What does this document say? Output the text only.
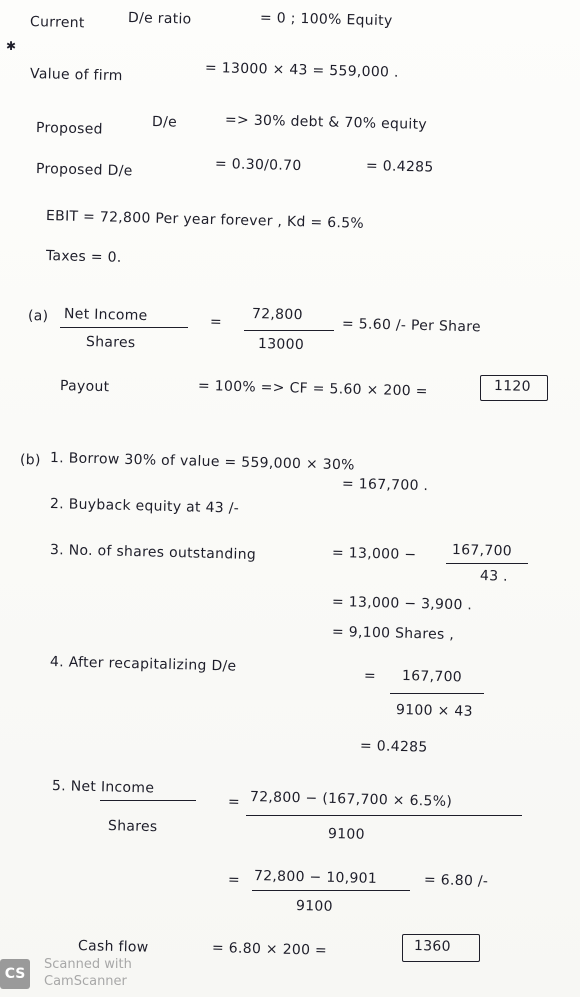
✱
Current	D/e ratio	= 0 ; 100% Equity
Value of firm	= 13000 × 43 = 559,000 .
Proposed	D/e	=> 30% debt & 70% equity
Proposed D/e	= 0.30/0.70	= 0.4285
EBIT = 72,800 Per year forever , Kd = 6.5%
Taxes = 0.
(a) Net Income
Shares
= 72,800
13000
= 5.60 /- Per Share
Payout	= 100% => CF = 5.60 × 200 =	1120
(b) 1. Borrow 30% of value = 559,000 × 30%
= 167,700 .
2. Buyback equity at 43 /-
3. No. of shares outstanding	= 13,000 −	167,700
43 .
= 13,000 − 3,900 .
= 9,100 Shares ,
4. After recapitalizing D/e
= 167,700
9100 × 43
= 0.4285
5. Net Income
Shares
= 72,800 − (167,700 × 6.5%)
9100
= 72,800 − 10,901
9100
= 6.80 /-
Cash flow	= 6.80 × 200 =	1360
CS
Scanned with
CamScanner
